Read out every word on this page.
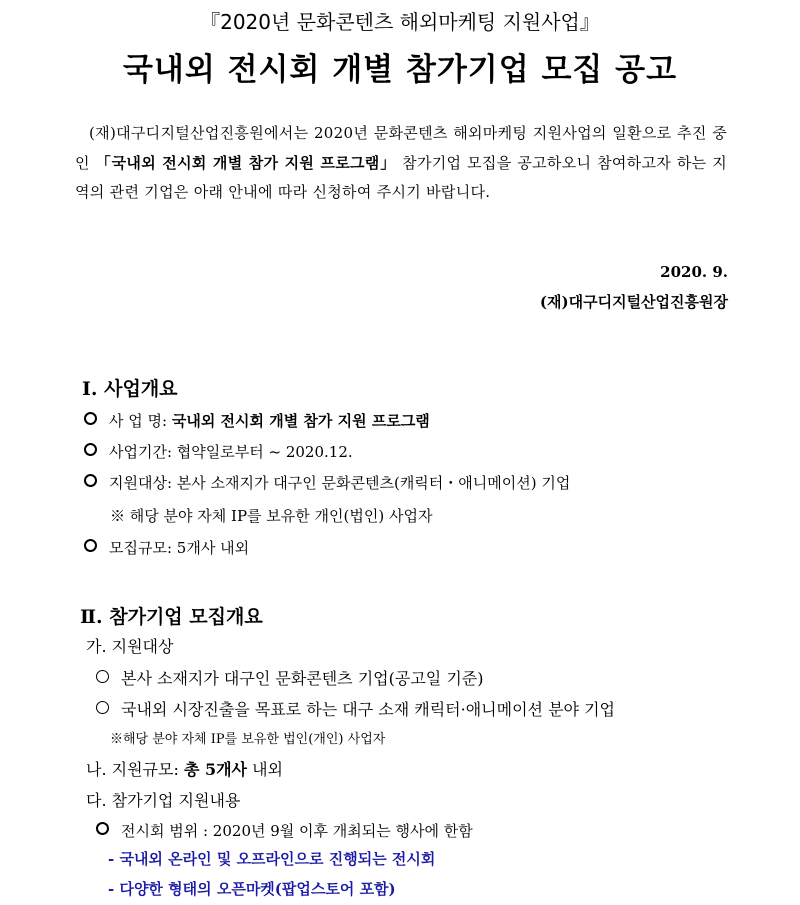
『2020년 문화콘텐츠 해외마케팅 지원사업』
국내외 전시회 개별 참가기업 모집 공고
(재)대구디지털산업진흥원에서는 2020년 문화콘텐츠 해외마케팅 지원사업의 일환으로 추진 중인 「국내외 전시회 개별 참가 지원 프로그램」 참가기업 모집을 공고하오니 참여하고자 하는 지역의 관련 기업은 아래 안내에 따라 신청하여 주시기 바랍니다.
2020. 9.
(재)대구디지털산업진흥원장
Ⅰ. 사업개요
사 업 명: 국내외 전시회 개별 참가 지원 프로그램
사업기간: 협약일로부터 ~ 2020.12.
지원대상: 본사 소재지가 대구인 문화콘텐츠(캐릭터・애니메이션) 기업
※ 해당 분야 자체 IP를 보유한 개인(법인) 사업자
모집규모: 5개사 내외
Ⅱ. 참가기업 모집개요
가. 지원대상
본사 소재지가 대구인 문화콘텐츠 기업(공고일 기준)
국내외 시장진출을 목표로 하는 대구 소재 캐릭터·애니메이션 분야 기업
※해당 분야 자체 IP를 보유한 법인(개인) 사업자
나. 지원규모: 총 5개사 내외
다. 참가기업 지원내용
전시회 범위 : 2020년 9월 이후 개최되는 행사에 한함
- 국내외 온라인 및 오프라인으로 진행되는 전시회
- 다양한 형태의 오픈마켓(팝업스토어 포함)
